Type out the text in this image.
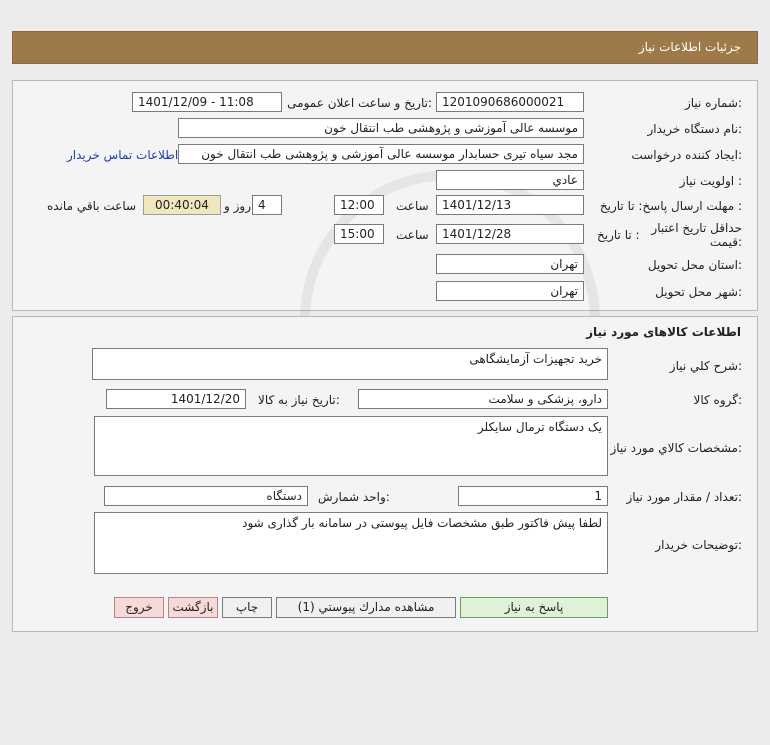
جزئیات اطلاعات نیاز
شماره نیاز:
1201090686000021
تاریخ و ساعت اعلان عمومی:
1401/12/09 - 11:08
نام دستگاه خریدار:
موسسه عالی آموزشی و پژوهشی طب انتقال خون
ایجاد کننده درخواست:
مجد سیاه تیری حسابدار موسسه عالی آموزشی و پژوهشی طب انتقال خون
اطلاعات تماس خریدار
اولویت نیاز :
عادي
مهلت ارسال پاسخ: تا تاریخ :
1401/12/13
ساعت
12:00
4
روز و
00:40:04
ساعت باقي مانده
حداقل تاریخ اعتبار
قیمت:
تا تاریخ :
1401/12/28
ساعت
15:00
استان محل تحویل:
تهران
شهر محل تحویل:
تهران
اطلاعات کالاهای مورد نیاز
شرح کلي نیاز:
خرید تجهیزات آزمایشگاهی
گروه کالا:
دارو، پزشکی و سلامت
تاریخ نیاز به کالا:
1401/12/20
مشخصات کالاي مورد نیاز:
یک دستگاه ترمال سایکلر
تعداد / مقدار مورد نیاز:
1
واحد شمارش:
دستگاه
توضیحات خریدار:
لطفا پیش فاکتور طبق مشخصات فایل پیوستی در سامانه بار گذاری شود
پاسخ به نیاز
مشاهده مدارك پیوستي (1)
چاپ
بازگشت
خروج
